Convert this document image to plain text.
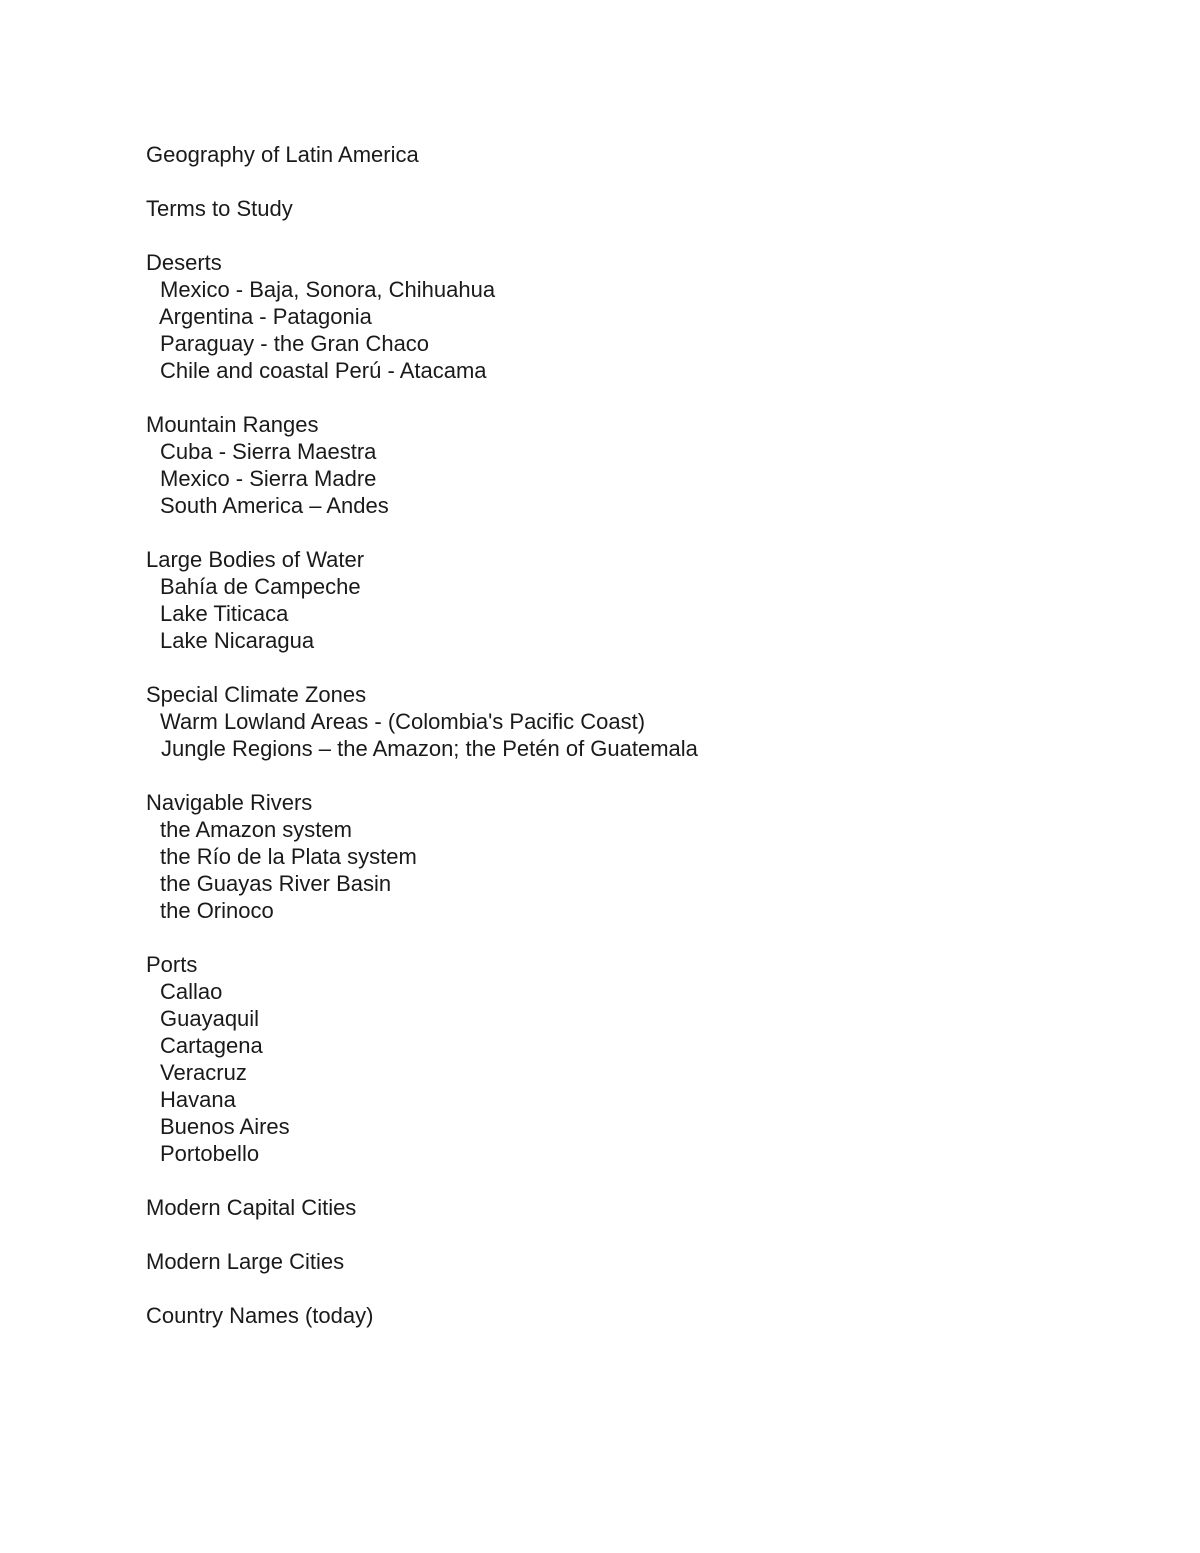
Geography of Latin America

Terms to Study

Deserts

Mexico - Baja, Sonora, Chihuahua

Argentina - Patagonia

Paraguay - the Gran Chaco

Chile and coastal Perú - Atacama

Mountain Ranges

Cuba - Sierra Maestra

Mexico - Sierra Madre

South America – Andes

Large Bodies of Water

Bahía de Campeche

Lake Titicaca

Lake Nicaragua

Special Climate Zones

Warm Lowland Areas - (Colombia's Pacific Coast)

Jungle Regions – the Amazon; the Petén of Guatemala

Navigable Rivers

the Amazon system

the Río de la Plata system

the Guayas River Basin

the Orinoco

Ports

Callao

Guayaquil

Cartagena

Veracruz

Havana

Buenos Aires

Portobello

Modern Capital Cities

Modern Large Cities

Country Names (today)
